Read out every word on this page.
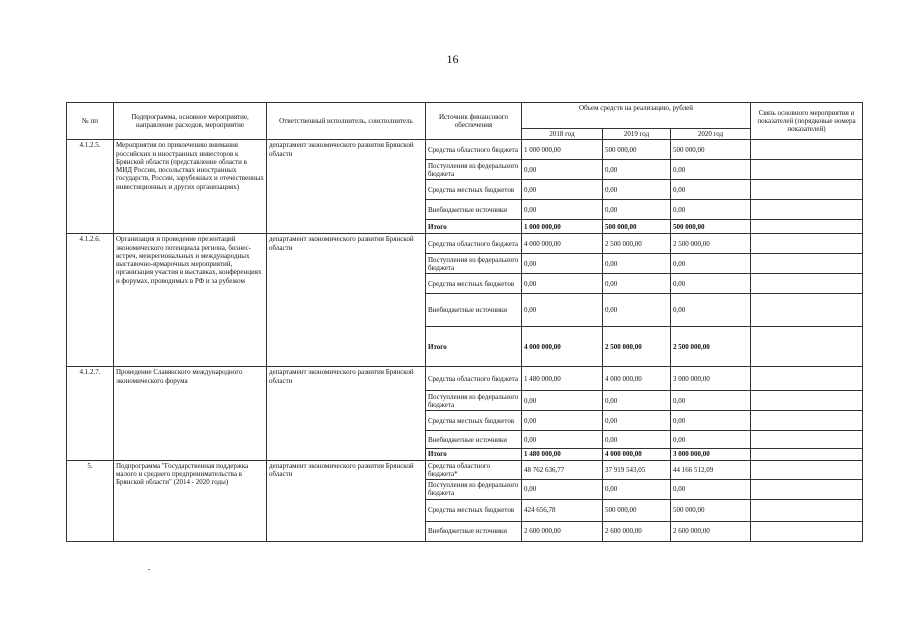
16
№ пп	Подпрограмма, основное мероприятие, направление расходов, мероприятие	Ответственный исполнитель, соисполнитель	Источник финансового обеспечения	Объем средств на реализацию, рублей			Связь основного мероприятия и показателей (порядковые номера показателей)
				2018 год	2019 год	2020 год	
4.1.2.5.	Мероприятия по привлечению внимания российских и иностранных инвесторов к Брянской области (представление области в МИД России, посольствах иностранных государств, России, зарубежных и отечественных инвестиционных и других организациях)	департамент экономического развития Брянской области	Средства областного бюджета	1 000 000,00	500 000,00	500 000,00	
			Поступления из федерального бюджета	0,00	0,00	0,00	
			Средства местных бюджетов	0,00	0,00	0,00	
			Внебюджетные источники	0,00	0,00	0,00	
			Итого	1 000 000,00	500 000,00	500 000,00	
4.1.2.6.	Организация и проведение презентаций экономического потенциала региона, бизнес-встреч, межрегиональных и международных выставочно-ярмарочных мероприятий, организация участия в выставках, конференциях и форумах, проводимых в РФ и за рубежом	департамент экономического развития Брянской области	Средства областного бюджета	4 000 000,00	2 500 000,00	2 500 000,00	
			Поступления из федерального бюджета	0,00	0,00	0,00	
			Средства местных бюджетов	0,00	0,00	0,00	
			Внебюджетные источники	0,00	0,00	0,00	
			Итого	4 000 000,00	2 500 000,00	2 500 000,00	
4.1.2.7.	Проведение Славянского международного экономического форума	департамент экономического развития Брянской области	Средства областного бюджета	1 480 000,00	4 000 000,00	3 000 000,00	
			Поступления из федерального бюджета	0,00	0,00	0,00	
			Средства местных бюджетов	0,00	0,00	0,00	
			Внебюджетные источники	0,00	0,00	0,00	
			Итого	1 480 000,00	4 000 000,00	3 000 000,00	
5.	Подпрограмма "Государственная поддержка малого и среднего предпринимательства в Брянской области" (2014 - 2020 годы)	департамент экономического развития Брянской области	Средства областного бюджета*	48 762 636,77	37 919 543,05	44 166 512,09	
			Поступления из федерального бюджета	0,00	0,00	0,00	
			Средства местных бюджетов	424 656,78	500 000,00	500 000,00	
			Внебюджетные источники	2 600 000,00	2 600 000,00	2 600 000,00	
